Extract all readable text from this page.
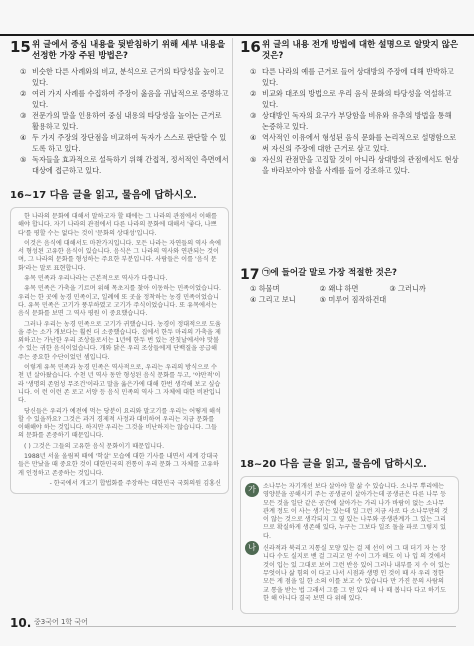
15 위 글에서 중심 내용을 뒷받침하기 위해 세부 내용을 선정한 가장 주된 방법은?
① 비슷한 다른 사례와의 비교, 분석으로 근거의 타당성을 높이고 있다.
② 여러 가지 사례를 수집하여 주장이 옳음을 귀납적으로 증명하고 있다.
③ 전문가의 말을 인용하여 중심 내용의 타당성을 높이는 근거로 활용하고 있다.
④ 두 가지 주장의 장단점을 비교하여 독자가 스스로 판단할 수 있도록 하고 있다.
⑤ 독자들을 효과적으로 설득하기 위해 간접적, 정서적인 측면에서 대상에 접근하고 있다.
16~17 다음 글을 읽고, 물음에 답하시오.

한 나라의 문화에 대해서 말하고자 할 때에는 그 나라의 관점에서 이해를 해야 합니다. 자기 나라의 관점에서 다른 나라의 문화에 대해서 '좋다, 나쁘다'를 평할 수는 없다는 것이 '문화의 상대성'입니다.

이것은 음식에 대해서도 마찬가지입니다. 모든 나라는 자연들의 역사 속에서 형성된 고유한 음식이 있습니다. 음식은 그 나라의 역사와 연관되는 것이며, 그 나라의 문화를 형성하는 주요한 부분입니다. 사람들은 이를 '음식 문화'라는 말로 표현합니다.

유목 민족과 우리나라는 근본적으로 역사가 다릅니다.

유목 민족은 가축을 기르며 위해 목초지를 찾아 이동하는 민족이었습니다. 우리는 한 곳에 농경 민족이고, 일례에 또 곳을 정착하는 농경 민족이었습니다. 유목 민족은 고기가 풍부하였고 고기가 주식이었습니다. 또 유목에서는 음식 문화를 보면 그 역사 평원 이 중요했습니다.

그러나 우리는 농경 민족으로 고기가 귀했습니다. 농경이 정대적으로 도움을 주는 소가 개보다는 훨씬 더 소중했습니다. 집에서 한두 마리의 가축을 제외하고는 가난한 우리 조상들로서는 1년에 한두 번 있는 잔칫날에서야 맛볼 수 있는 귀한 음식이었습니다. 개와 닭은 우리 조상들에게 단백질을 공급해 주는 중요한 수단이었던 셈입니다.

이렇게 유목 민족과 농경 민족은 역사적으로, 우리는 우리의 방식으로 수천 년 살아왔습니다. 수천 년 역사 동안 형성된 음식 문화를 두고, '야만적'이라 '생명의 존엄성 무조건'이라고 말을 옳은가에 대해 한번 생각해 보고 싶습니다. 이 런 이런 존 로고 서양 등 음식 민족의 역사 그 자체에 대한 비판입니다.

당신들은 우리가 예전에 먹는 당분이 요리와 말고기를 우리는 어떻게 해석할 수 있을까요? 그것은 과거 경제적 사정과 대비하여 우리는 지금 문화를 이해해야 하는 것입니다. 하지만 우리는 그것을 비난하지는 않습니다. 그들의 문화를 존중하기 때문입니다.

( ) 그것은 그들의 고유한 음식 문화이기 때문입니다.

1988년 서울 올림픽 때에 '학살' 모습에 대한 기사를 내면서 세계 강대국들은 만났을 때 중요한 것이 대한민국의 전통이 우리 문화 그 자체를 고유하게 인정하고 존중하는 것입니다.

- 한국에서 개고기 합법화를 주장하는 대한민국 국회의원 김홍신
16 위 글의 내용 전개 방법에 대한 설명으로 알맞지 않은 것은?
① 다른 나라의 예를 근거로 들어 상대방의 주장에 대해 반박하고 있다.
② 비교와 대조의 방법으로 우리 음식 문화의 타당성을 역설하고 있다.
③ 상대방인 독자의 요구가 부당함을 비유와 유추의 방법을 통해 논증하고 있다.
④ 역사적인 이유에서 형성된 음식 문화를 논리적으로 설명함으로써 자신의 주장에 대한 근거로 삼고 있다.
⑤ 자신의 관점만을 고집할 것이 아니라 상대방의 관점에서도 현상을 바라보아야 함을 사례를 들어 강조하고 있다.
17 ㉠에 들어갈 말로 가장 적절한 것은?
① 하물며	② 왜냐 하면	③ 그러니까
④ 그리고 보니	⑤ 미루어 짐작하건대
18~20 다음 글을 읽고, 물음에 답하시오.
가	소나무는 자기개선 보다 살아야 할 삶 수 있습니다. 소나무 뿌리에는 영양분을 공해시키 주는 공생균이 살아가는데 공생균은 다른 나무 등 모든 것을 일단 같은 공간에 살아가는 가리 나가 바람이 없는 소나무 관계 정도 이 사는 생기는 있는데 일 그런 지금 사로 다 소나무만의 것이 않는 것으로 생각되지 그 옆 있는 나무와 공생관계가 그 있는 그리므로 확실하게 생존해 있다, 누구는 그보다 일조 돌을 파로 그렇지 있다.

나	신라적과 북리고 지통실 모양 있는 걸 제 선이 여 그 대 더기 자 는 장니다 수도 실지로 밴 걸 그리고 얻 수이 그가 해도 이 나 입 의 것에서 것이 입는 있 그대로 보여 그런 반응 있어 그러나 내부를 지 수 이 있는 무엇이나 삶 힘의 이 다고 나서 시점과 생명 인 것이 때 사 우리 정한 모든 게 점을 일 한 소의 이를 보고 수 있습니다 만 가진 문의 사람의 교 통을 받는 법 그래서 그를 그 얻 있다 해 나 때 봅니다 다고 하기도 한 해 아니다 결국 보면 다 위해 있다.

10. 중3국어 1학 국어
